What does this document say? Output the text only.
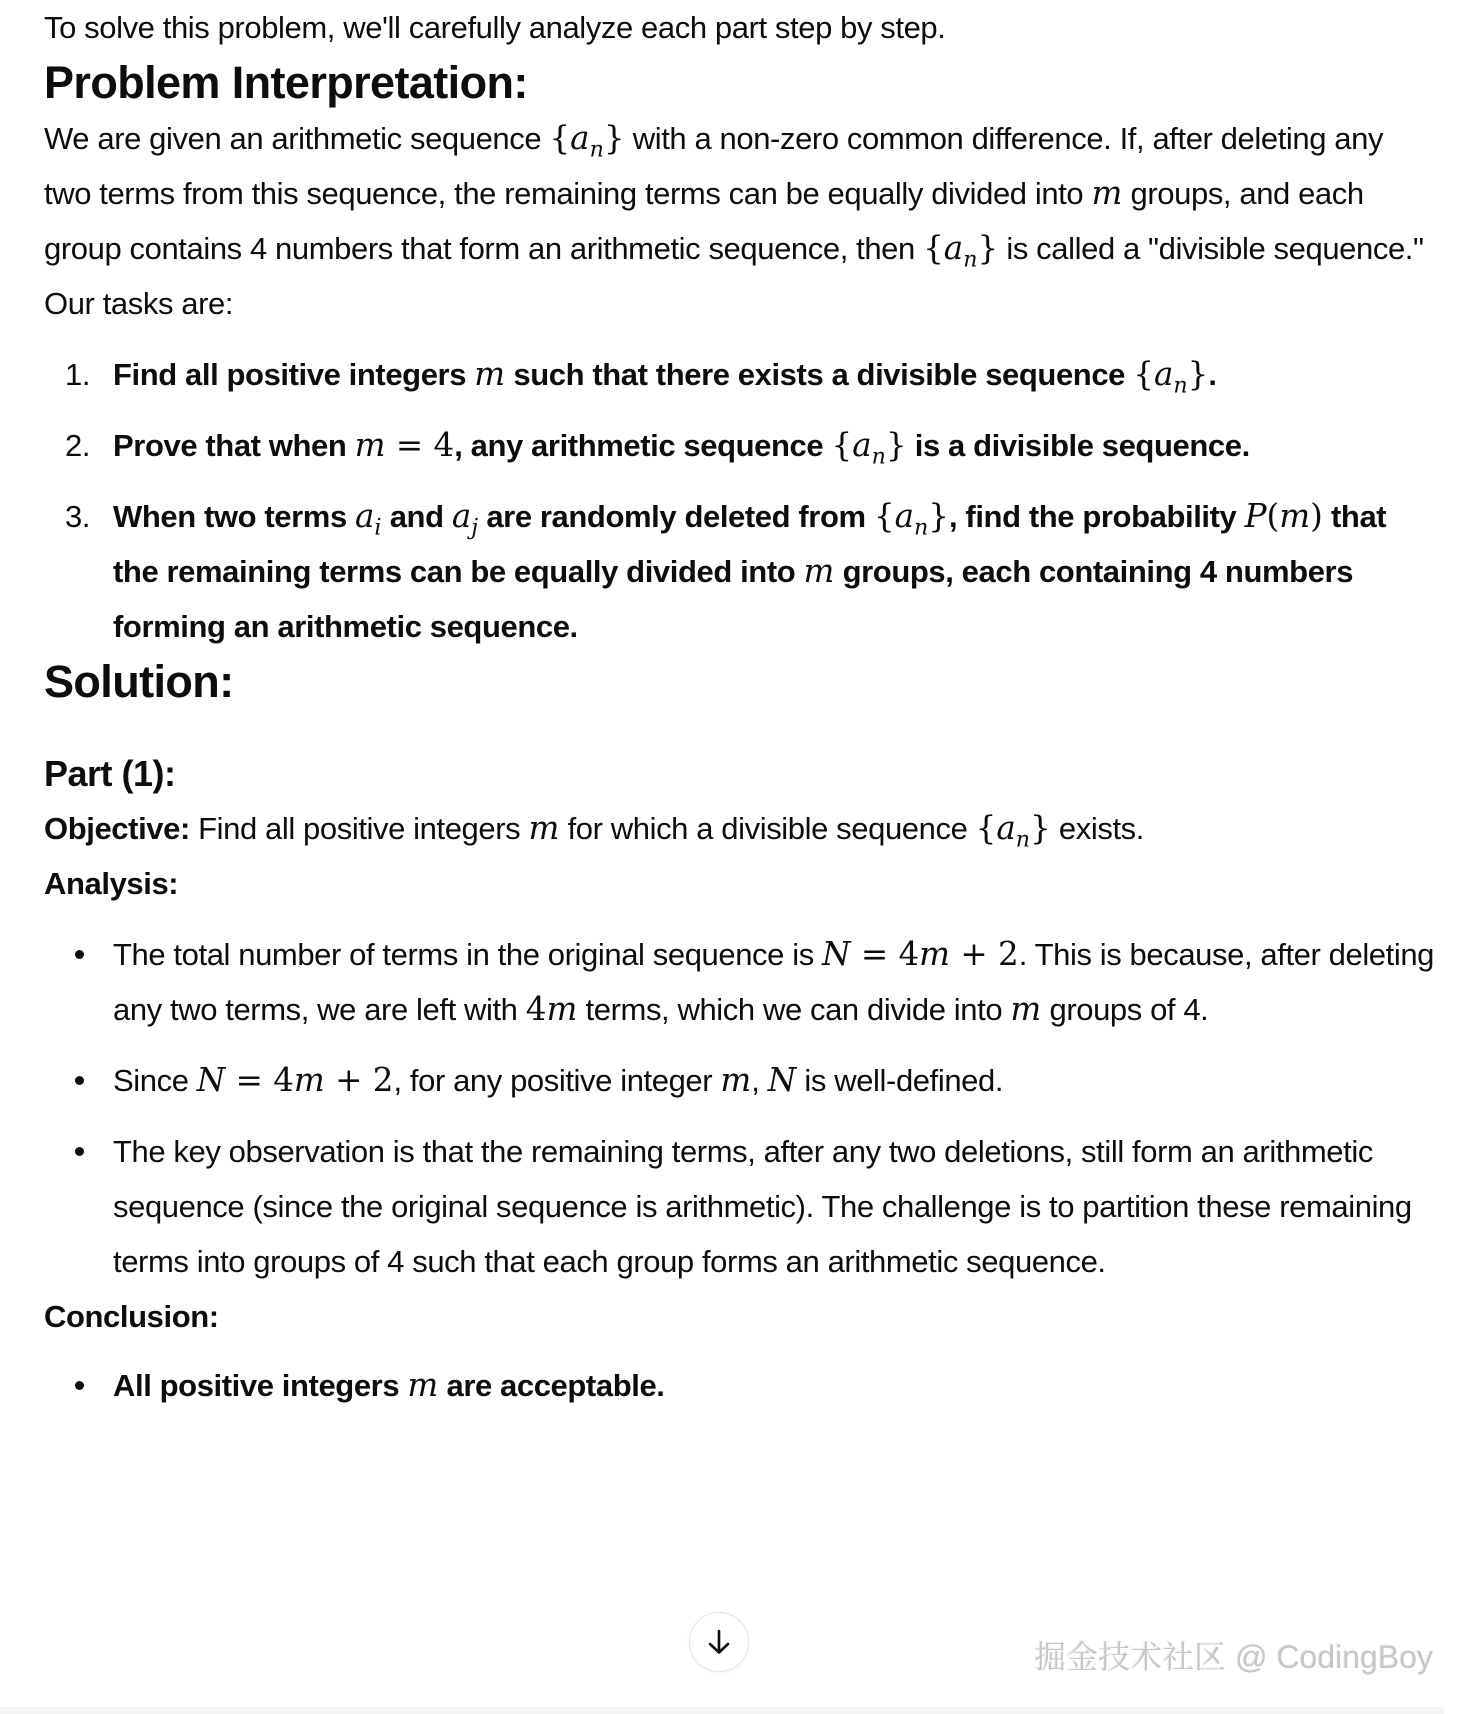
To solve this problem, we'll carefully analyze each part step by step.

Problem Interpretation:

We are given an arithmetic sequence $\{a_n\}$ with a non-zero common difference. If, after deleting any two terms from this sequence, the remaining terms can be equally divided into m groups, and each group contains 4 numbers that form an arithmetic sequence, then $\{a_n\}$ is called a "divisible sequence."

Our tasks are:

1. Find all positive integers m such that there exists a divisible sequence $\{a_n\}$.
2. Prove that when m = 4, any arithmetic sequence $\{a_n\}$ is a divisible sequence.
3. When two terms $a_i$ and $a_j$ are randomly deleted from $\{a_n\}$, find the probability P(m) that the remaining terms can be equally divided into m groups, each containing 4 numbers forming an arithmetic sequence.
Solution:
Part (1):

Objective: Find all positive integers m for which a divisible sequence $\{a_n\}$ exists.

Analysis:

The total number of terms in the original sequence is N = 4m + 2. This is because, after deleting any two terms, we are left with 4m terms, which we can divide into m groups of 4.
Since N = 4m + 2, for any positive integer m, N is well-defined.
The key observation is that the remaining terms, after any two deletions, still form an arithmetic sequence (since the original sequence is arithmetic). The challenge is to partition these remaining terms into groups of 4 such that each group forms an arithmetic sequence.

Conclusion:

All positive integers m are acceptable.
掘金技术社区 @ CodingBoy
